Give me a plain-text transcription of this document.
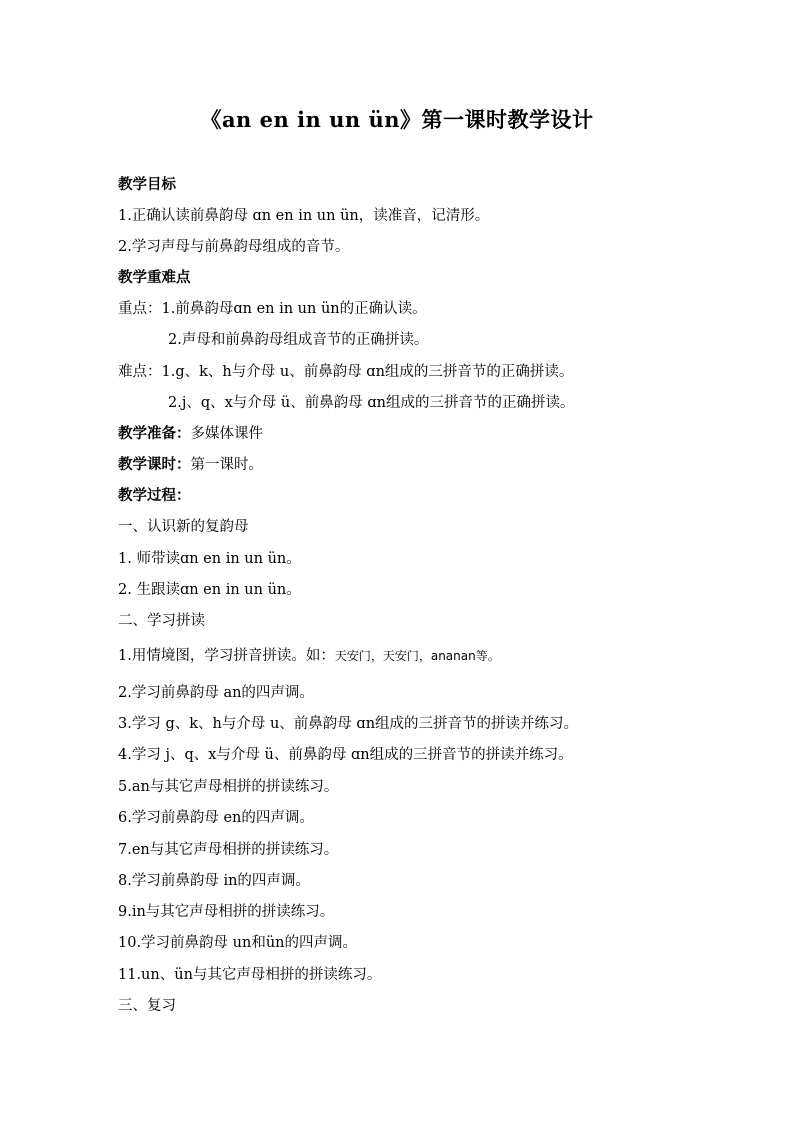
《an en in un ün》第一课时教学设计
教学目标
1.正确认读前鼻韵母 ɑn en in un ün，读准音，记清形。
2.学习声母与前鼻韵母组成的音节。
教学重难点
重点：1.前鼻韵母ɑn en in un ün的正确认读。
2.声母和前鼻韵母组成音节的正确拼读。
难点：1.g、k、h与介母 u、前鼻韵母 ɑn组成的三拼音节的正确拼读。
2.j、q、x与介母 ü、前鼻韵母 ɑn组成的三拼音节的正确拼读。
教学准备：多媒体课件
教学课时：第一课时。
教学过程：
一、认识新的复韵母
1. 师带读ɑn en in un ün。
2. 生跟读ɑn en in un ün。
二、学习拼读
1.用情境图，学习拼音拼读。如：天安门，天安门，ananan等。
2.学习前鼻韵母 an的四声调。
3.学习 g、k、h与介母 u、前鼻韵母 ɑn组成的三拼音节的拼读并练习。
4.学习 j、q、x与介母 ü、前鼻韵母 ɑn组成的三拼音节的拼读并练习。
5.an与其它声母相拼的拼读练习。
6.学习前鼻韵母 en的四声调。
7.en与其它声母相拼的拼读练习。
8.学习前鼻韵母 in的四声调。
9.in与其它声母相拼的拼读练习。
10.学习前鼻韵母 un和ün的四声调。
11.un、ün与其它声母相拼的拼读练习。
三、复习
